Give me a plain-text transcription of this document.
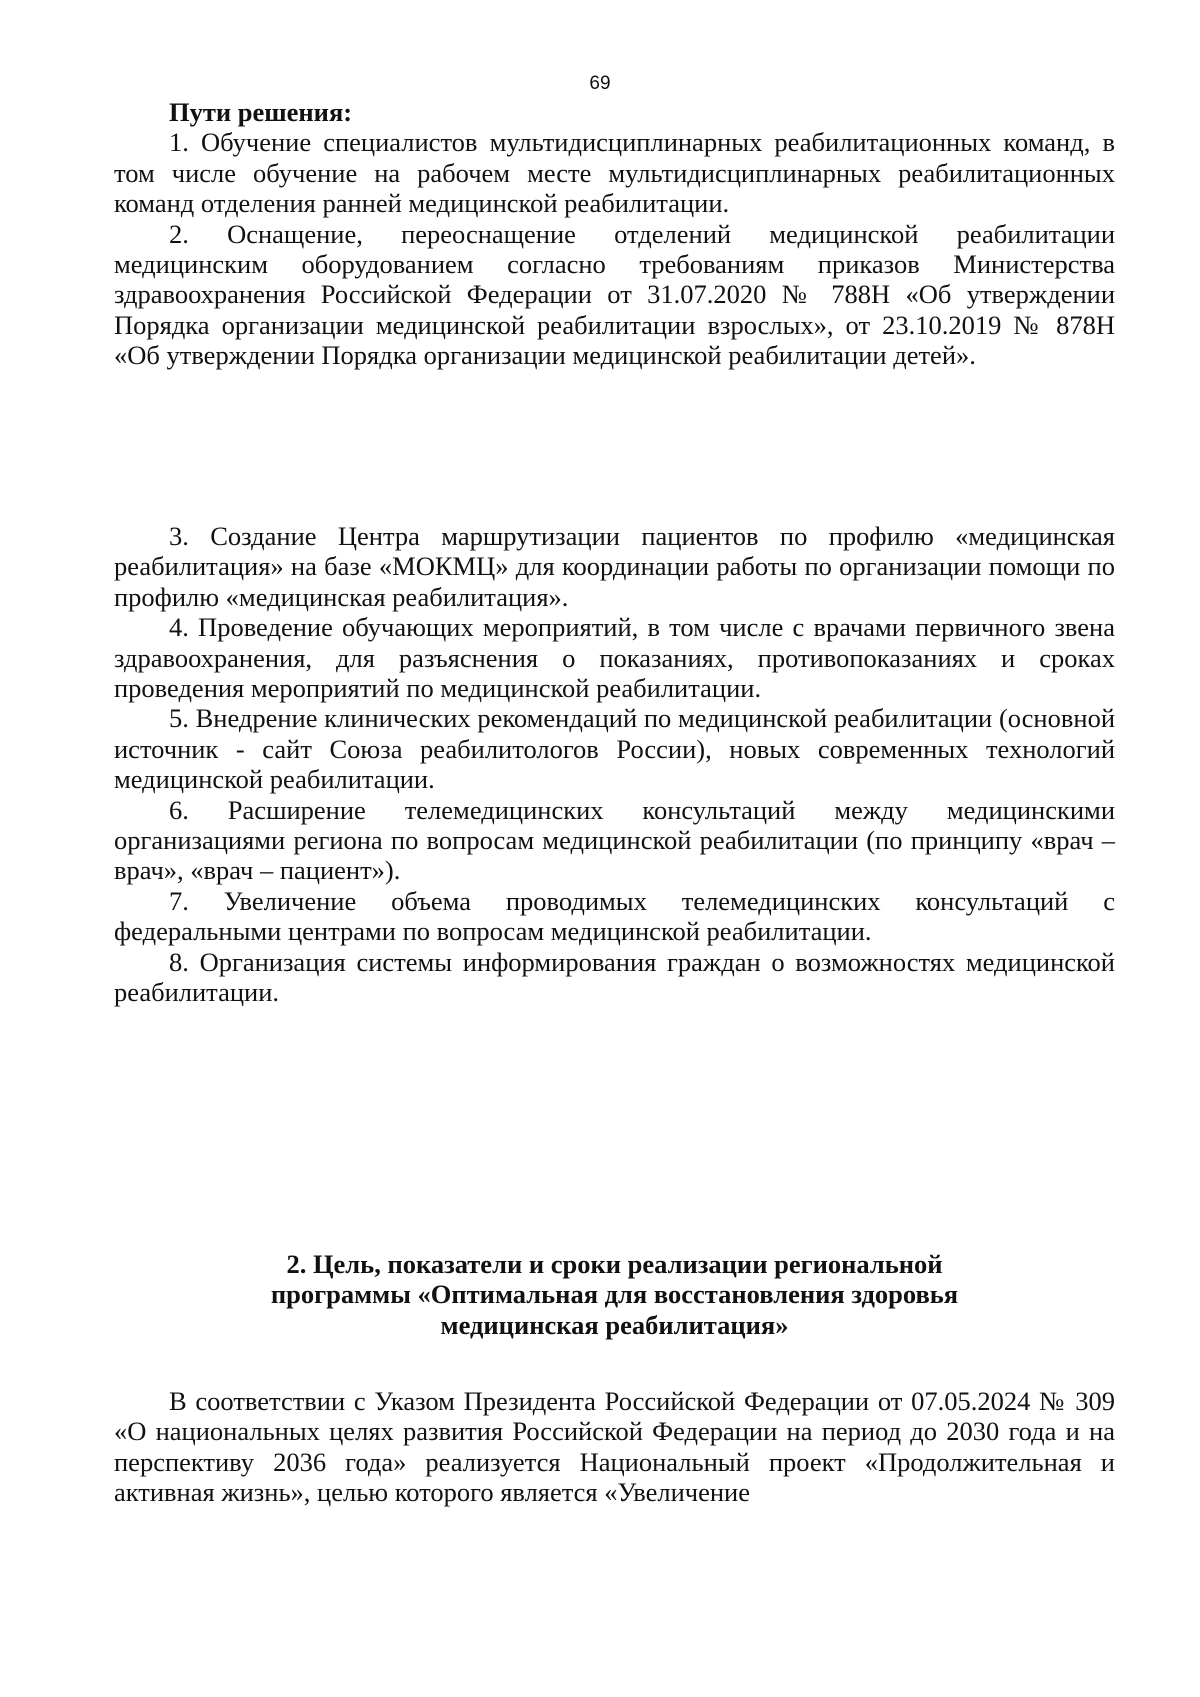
69

Пути решения:

1. Обучение специалистов мультидисциплинарных реабилитационных команд, в том числе обучение на рабочем месте мультидисциплинарных реабилитационных команд отделения ранней медицинской реабилитации.

2. Оснащение, переоснащение отделений медицинской реабилитации медицинским оборудованием согласно требованиям приказов Министерства здравоохранения Российской Федерации от 31.07.2020 № 788Н «Об утверждении Порядка организации медицинской реабилитации взрослых», от 23.10.2019 № 878Н «Об утверждении Порядка организации медицинской реабилитации детей».

3. Создание Центра маршрутизации пациентов по профилю «медицинская реабилитация» на базе «МОКМЦ» для координации работы по организации помощи по профилю «медицинская реабилитация».

4. Проведение обучающих мероприятий, в том числе с врачами первичного звена здравоохранения, для разъяснения о показаниях, противопоказаниях и сроках проведения мероприятий по медицинской реабилитации.

5. Внедрение клинических рекомендаций по медицинской реабилитации (основной источник - сайт Союза реабилитологов России), новых современных технологий медицинской реабилитации.

6. Расширение телемедицинских консультаций между медицинскими организациями региона по вопросам медицинской реабилитации (по принципу «врач – врач», «врач – пациент»).

7. Увеличение объема проводимых телемедицинских консультаций с федеральными центрами по вопросам медицинской реабилитации.

8. Организация системы информирования граждан о возможностях медицинской реабилитации.

2. Цель, показатели и сроки реализации региональной
программы «Оптимальная для восстановления здоровья
медицинская реабилитация»

В соответствии с Указом Президента Российской Федерации от 07.05.2024 № 309 «О национальных целях развития Российской Федерации на период до 2030 года и на перспективу 2036 года» реализуется Национальный проект «Продолжительная и активная жизнь», целью которого является «Увеличение
